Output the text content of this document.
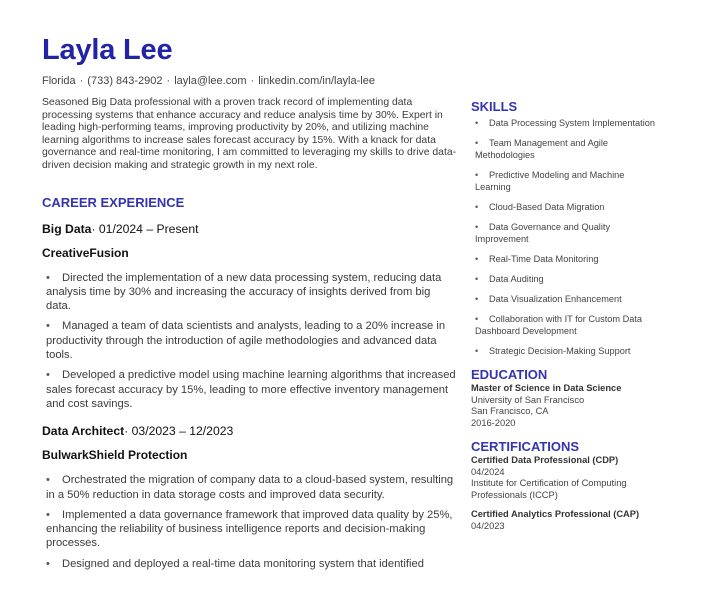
Layla Lee
Florida · (733) 843-2902 · layla@lee.com · linkedin.com/in/layla-lee

Seasoned Big Data professional with a proven track record of implementing data processing systems that enhance accuracy and reduce analysis time by 30%. Expert in leading high-performing teams, improving productivity by 20%, and utilizing machine learning algorithms to increase sales forecast accuracy by 15%. With a knack for data governance and real-time monitoring, I am committed to leveraging my skills to drive data-driven decision making and strategic growth in my next role.

CAREER EXPERIENCE
Big Data· 01/2024 – Present
CreativeFusion
• Directed the implementation of a new data processing system, reducing data analysis time by 30% and increasing the accuracy of insights derived from big data.
• Managed a team of data scientists and analysts, leading to a 20% increase in productivity through the introduction of agile methodologies and advanced data tools.
• Developed a predictive model using machine learning algorithms that increased sales forecast accuracy by 15%, leading to more effective inventory management and cost savings.
Data Architect· 03/2023 – 12/2023
BulwarkShield Protection
• Orchestrated the migration of company data to a cloud-based system, resulting in a 50% reduction in data storage costs and improved data security.
• Implemented a data governance framework that improved data quality by 25%, enhancing the reliability of business intelligence reports and decision-making processes.
• Designed and deployed a real-time data monitoring system that identified
SKILLS
• Data Processing System Implementation
• Team Management and Agile Methodologies
• Predictive Modeling and Machine Learning
• Cloud-Based Data Migration
• Data Governance and Quality Improvement
• Real-Time Data Monitoring
• Data Auditing
• Data Visualization Enhancement
• Collaboration with IT for Custom Data Dashboard Development
• Strategic Decision-Making Support
EDUCATION
Master of Science in Data Science
University of San Francisco
San Francisco, CA
2016-2020
CERTIFICATIONS
Certified Data Professional (CDP)
04/2024
Institute for Certification of Computing Professionals (ICCP)
Certified Analytics Professional (CAP)
04/2023
